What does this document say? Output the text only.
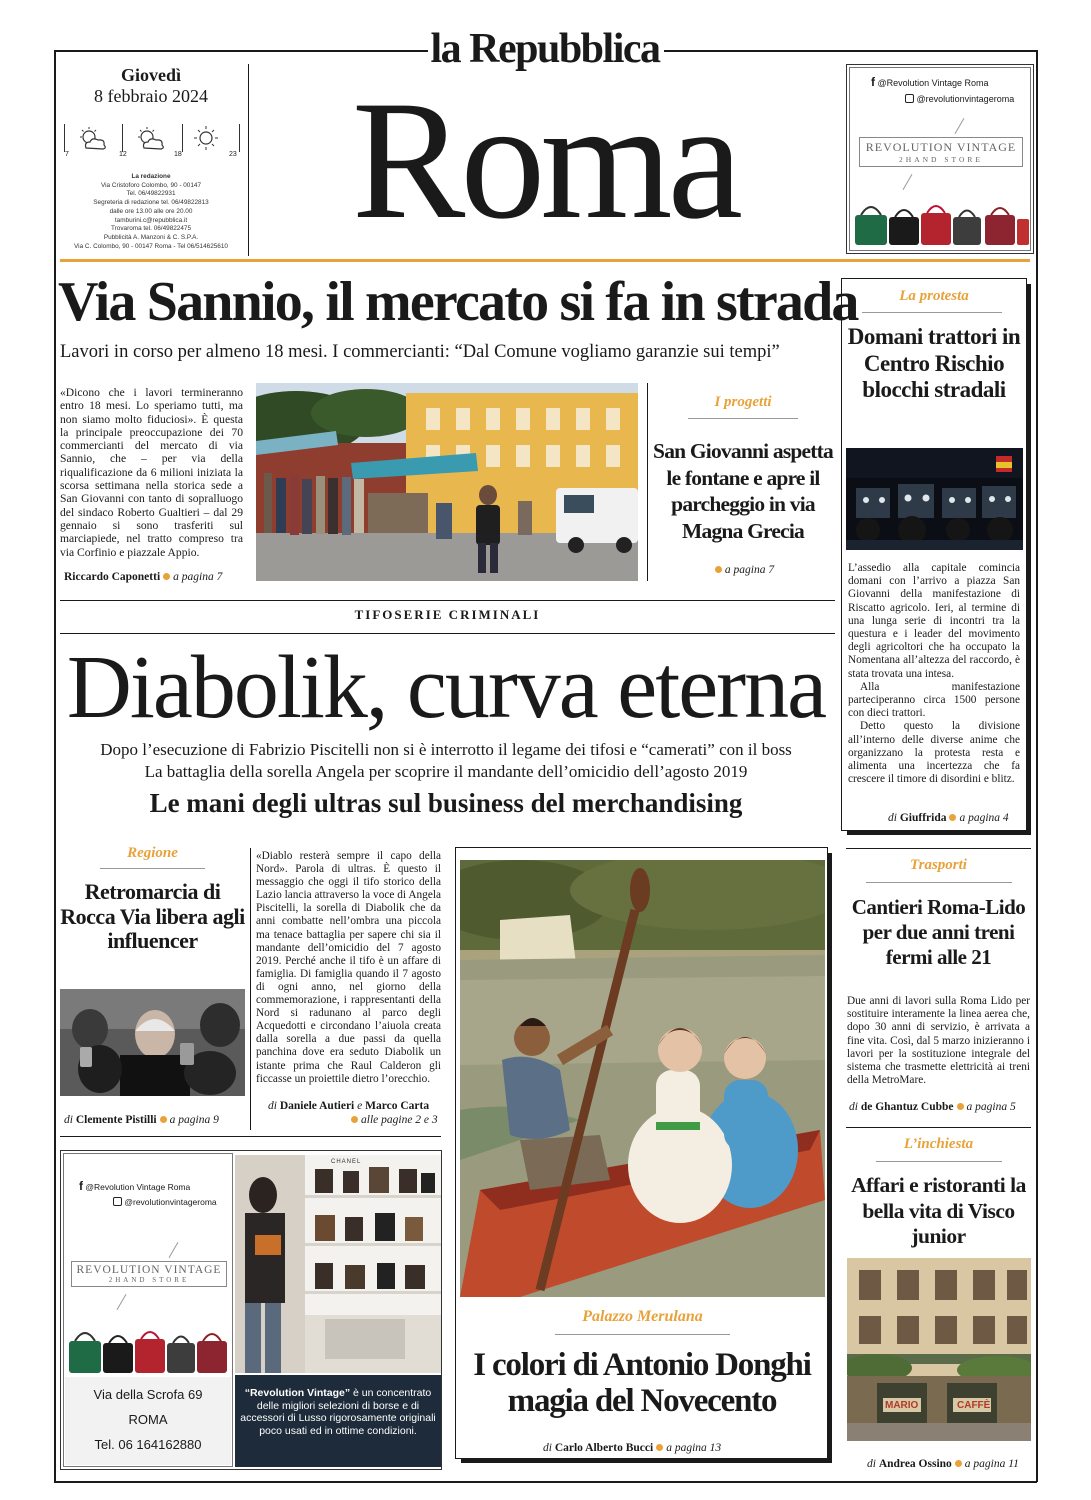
la Repubblica
Roma
Giovedì
8 febbraio 2024
7	12	18	23
La redazione
Via Cristoforo Colombo, 90 - 00147
Tel. 06/49822931
Segreteria di redazione tel. 06/49822813
dalle ore 13.00 alle ore 20.00
tamburini.c@repubblica.it
Trovaroma tel. 06/49822475
Pubblicità A. Manzoni & C. S.P.A.
Via C. Colombo, 90 - 00147 Roma - Tel 06/514625610
f @Revolution Vintage Roma
@revolutionvintageroma
REVOLUTION VINTAGE
2HAND STORE
Via Sannio, il mercato si fa in strada
Lavori in corso per almeno 18 mesi. I commercianti: “Dal Comune vogliamo garanzie sui tempi”
«Dicono che i lavori termineranno entro 18 mesi. Lo speriamo tutti, ma non siamo molto fiduciosi». È questa la principale preoccupazione dei 70 commercianti del mercato di via Sannio, che – per via della riqualificazione da 6 milioni iniziata la scorsa settimana nella storica sede a San Giovanni con tanto di sopralluogo del sindaco Roberto Gualtieri – dal 29 gennaio si sono trasferiti sul marciapiede, nel tratto compreso tra via Corfinio e piazzale Appio.
Riccardo Caponetti a pagina 7
I progetti
San Giovanni aspetta le fontane e apre il parcheggio in via Magna Grecia
a pagina 7
La protesta
Domani trattori in Centro Rischio blocchi stradali
L’assedio alla capitale comincia domani con l’arrivo a piazza San Giovanni della manifestazione di Riscatto agricolo. Ieri, al termine di una lunga serie di incontri tra la questura e i leader del movimento degli agricoltori che ha occupato la Nomentana all’altezza del raccordo, è stata trovata una intesa.
Alla manifestazione parteciperanno circa 1500 persone con dieci trattori.
Detto questo la divisione all’interno delle diverse anime che organizzano la protesta resta e alimenta una incertezza che fa crescere il timore di disordini e blitz.
di Giuffrida a pagina 4
TIFOSERIE CRIMINALI
Diabolik, curva eterna
Dopo l’esecuzione di Fabrizio Piscitelli non si è interrotto il legame dei tifosi e “camerati” con il boss
La battaglia della sorella Angela per scoprire il mandante dell’omicidio dell’agosto 2019
Le mani degli ultras sul business del merchandising
Regione
Retromarcia di Rocca Via libera agli influencer
di Clemente Pistilli a pagina 9
«Diablo resterà sempre il capo della Nord». Parola di ultras. È questo il messaggio che oggi il tifo storico della Lazio lancia attraverso la voce di Angela Piscitelli, la sorella di Diabolik che da anni combatte nell’ombra una piccola ma tenace battaglia per sapere chi sia il mandante dell’omicidio del 7 agosto 2019. Perché anche il tifo è un affare di famiglia. Di famiglia quando il 7 agosto di ogni anno, nel giorno della commemorazione, i rappresentanti della Nord si radunano al parco degli Acquedotti e circondano l’aiuola creata dalla sorella a due passi da quella panchina dove era seduto Diabolik un istante prima che Raul Calderon gli ficcasse un proiettile dietro l’orecchio.
di Daniele Autieri e Marco Carta
alle pagine 2 e 3
Palazzo Merulana
I colori di Antonio Donghi magia del Novecento
di Carlo Alberto Bucci a pagina 13
Trasporti
Cantieri Roma-Lido per due anni treni fermi alle 21
Due anni di lavori sulla Roma Lido per sostituire interamente la linea aerea che, dopo 30 anni di servizio, è arrivata a fine vita. Così, dal 5 marzo inizieranno i lavori per la sostituzione integrale del sistema che trasmette elettricità ai treni della MetroMare.
di de Ghantuz Cubbe a pagina 5
L’inchiesta
Affari e ristoranti la bella vita di Visco junior
MARIO	CAFFÈ
di Andrea Ossino a pagina 11
f @Revolution Vintage Roma
@revolutionvintageroma
REVOLUTION VINTAGE
2HAND STORE
Via della Scrofa 69
ROMA
Tel. 06 164162880
CHANEL
“Revolution Vintage” è un concentrato delle migliori selezioni di borse e di accessori di Lusso rigorosamente originali poco usati ed in ottime condizioni.
